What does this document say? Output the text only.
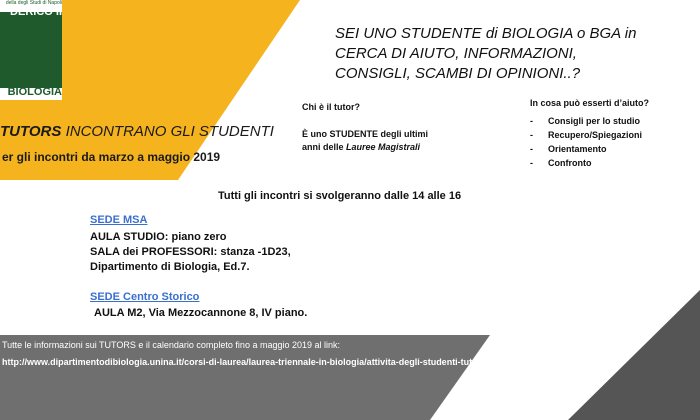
della degli Studi di Napoli
DERICO II
PARTIMENTO DI
BIOLOGIA
SEI UNO STUDENTE di BIOLOGIA o BGA in
CERCA DI AIUTO, INFORMAZIONI,
CONSIGLI, SCAMBI DI OPINIONI..?
Chi è il tutor?
È uno STUDENTE degli ultimi
anni delle Lauree Magistrali
In cosa può esserti d’aiuto?
- Consigli per lo studio
- Recupero/Spiegazioni
- Orientamento
- Confronto
TUTORS INCONTRANO GLI STUDENTI
er gli incontri da marzo a maggio 2019
Tutti gli incontri si svolgeranno dalle 14 alle 16
SEDE MSA
AULA STUDIO: piano zero
SALA dei PROFESSORI: stanza -1D23,
Dipartimento di Biologia, Ed.7.
SEDE Centro Storico
AULA M2, Via Mezzocannone 8, IV piano.
Tutte le informazioni sui TUTORS e il calendario completo fino a maggio 2019 al link:
http://www.dipartimentodibiologia.unina.it/corsi-di-laurea/laurea-triennale-in-biologia/attivita-degli-studenti-tutors/
